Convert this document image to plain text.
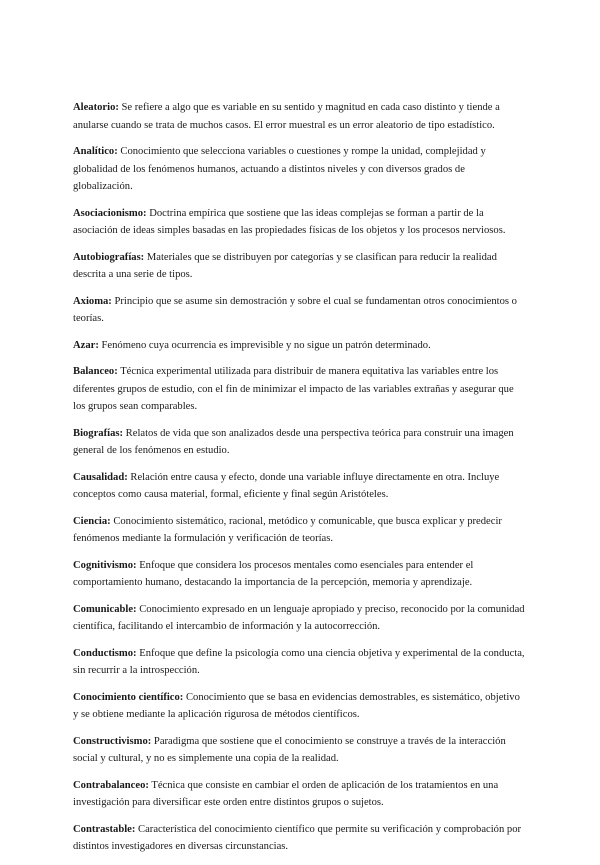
Aleatorio: Se refiere a algo que es variable en su sentido y magnitud en cada caso distinto y tiende a anularse cuando se trata de muchos casos. El error muestral es un error aleatorio de tipo estadístico.

Analítico: Conocimiento que selecciona variables o cuestiones y rompe la unidad, complejidad y globalidad de los fenómenos humanos, actuando a distintos niveles y con diversos grados de globalización.

Asociacionismo: Doctrina empírica que sostiene que las ideas complejas se forman a partir de la asociación de ideas simples basadas en las propiedades físicas de los objetos y los procesos nerviosos.

Autobiografías: Materiales que se distribuyen por categorías y se clasifican para reducir la realidad descrita a una serie de tipos.

Axioma: Principio que se asume sin demostración y sobre el cual se fundamentan otros conocimientos o teorías.

Azar: Fenómeno cuya ocurrencia es imprevisible y no sigue un patrón determinado.

Balanceo: Técnica experimental utilizada para distribuir de manera equitativa las variables entre los diferentes grupos de estudio, con el fin de minimizar el impacto de las variables extrañas y asegurar que los grupos sean comparables.

Biografías: Relatos de vida que son analizados desde una perspectiva teórica para construir una imagen general de los fenómenos en estudio.

Causalidad: Relación entre causa y efecto, donde una variable influye directamente en otra. Incluye conceptos como causa material, formal, eficiente y final según Aristóteles.

Ciencia: Conocimiento sistemático, racional, metódico y comunicable, que busca explicar y predecir fenómenos mediante la formulación y verificación de teorías.

Cognitivismo: Enfoque que considera los procesos mentales como esenciales para entender el comportamiento humano, destacando la importancia de la percepción, memoria y aprendizaje.

Comunicable: Conocimiento expresado en un lenguaje apropiado y preciso, reconocido por la comunidad científica, facilitando el intercambio de información y la autocorrección.

Conductismo: Enfoque que define la psicología como una ciencia objetiva y experimental de la conducta, sin recurrir a la introspección.

Conocimiento científico: Conocimiento que se basa en evidencias demostrables, es sistemático, objetivo y se obtiene mediante la aplicación rigurosa de métodos científicos.

Constructivismo: Paradigma que sostiene que el conocimiento se construye a través de la interacción social y cultural, y no es simplemente una copia de la realidad.

Contrabalanceo: Técnica que consiste en cambiar el orden de aplicación de los tratamientos en una investigación para diversificar este orden entre distintos grupos o sujetos.

Contrastable: Característica del conocimiento científico que permite su verificación y comprobación por distintos investigadores en diversas circunstancias.
